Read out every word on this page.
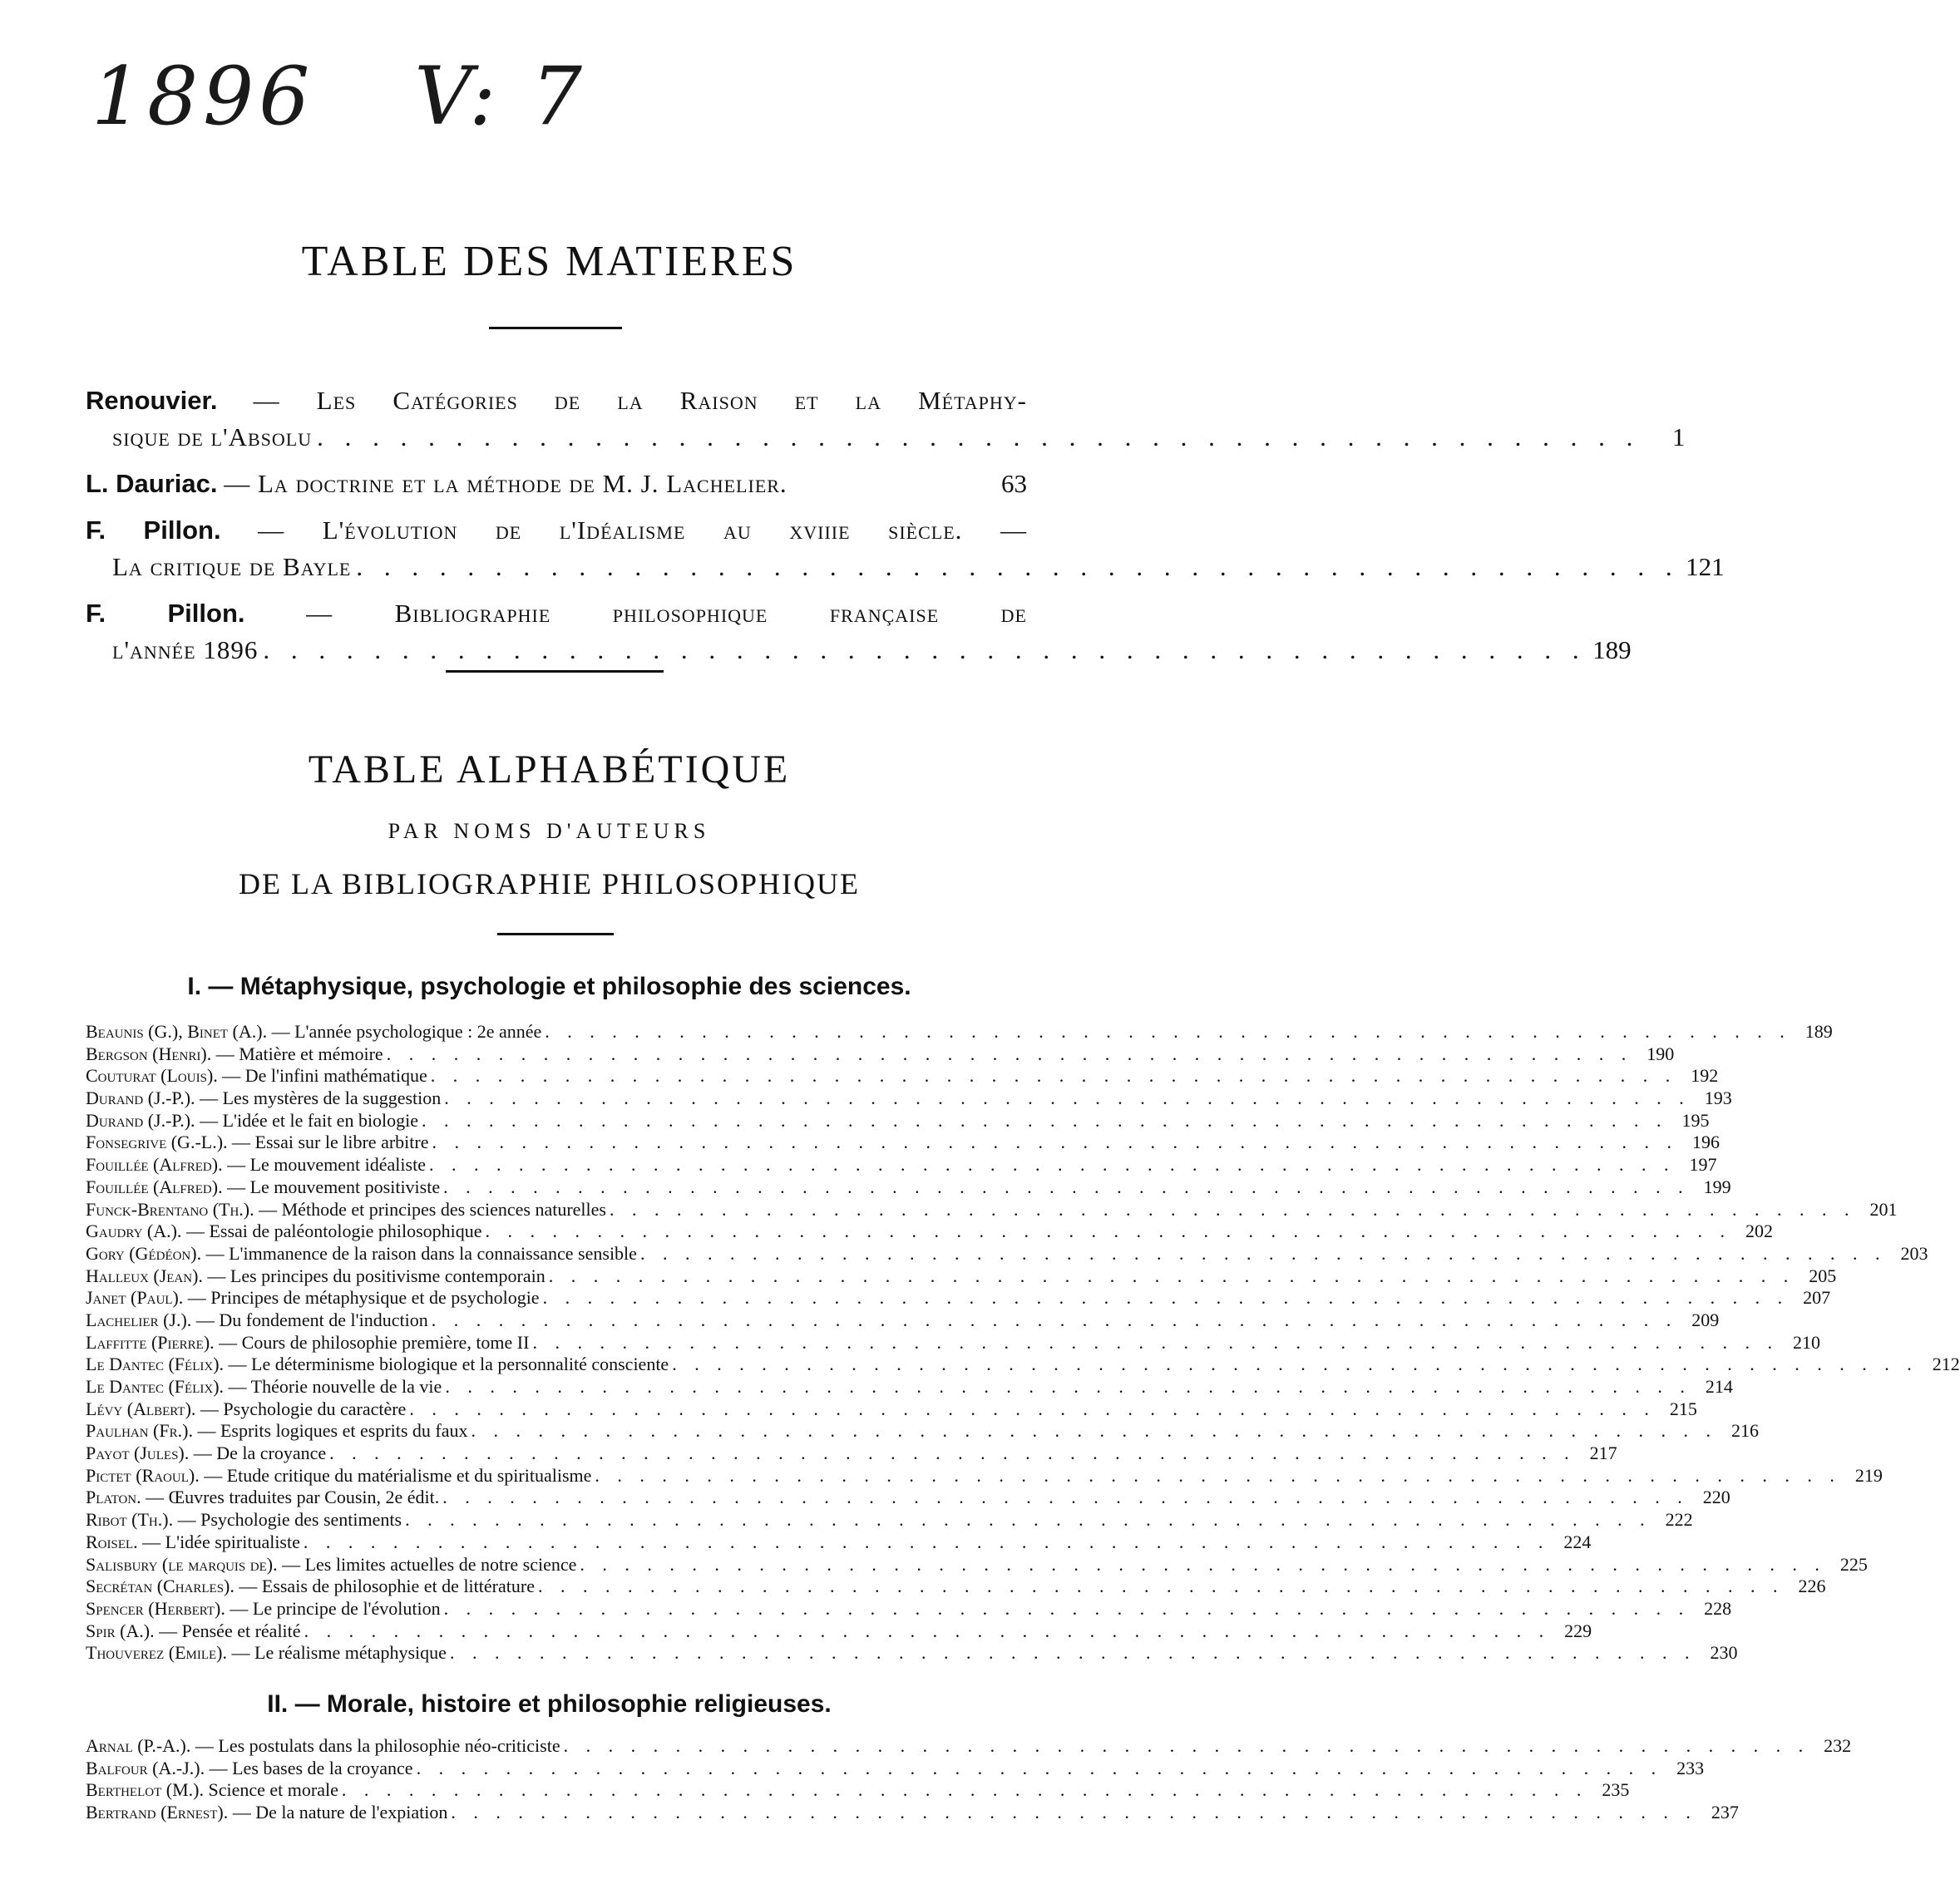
1896 V: 7
TABLE DES MATIERES
Renouvier. — Les Catégories de la Raison et la Métaphy-
sique de l'Absolu . . . . . . . . . . . . . . . . . . . . . . . . . . . . . . . . . . . . . . . . . . . . . . . .	1
L. Dauriac. — La doctrine et la méthode de M. J. Lachelier.	63
F. Pillon. — L'évolution de l'Idéalisme au xviiie siècle. —
La critique de Bayle . . . . . . . . . . . . . . . . . . . . . . . . . . . . . . . . . . . . . . . . . . . . . . . . 121
F. Pillon. — Bibliographie philosophique française de
l'année 1896 . . . . . . . . . . . . . . . . . . . . . . . . . . . . . . . . . . . . . . . . . . . . . . . . 189
TABLE ALPHABÉTIQUE
PAR NOMS D'AUTEURS
DE LA BIBLIOGRAPHIE PHILOSOPHIQUE
I. — Métaphysique, psychologie et philosophie des sciences.
Beaunis (G.), Binet (A.). — L'année psychologique : 2e année . . . . . . . . . . . . . . . . . . . . . . . . . . . . . . . . . . . . . . . . . . . . . . . . . . . . . . . . 189
Bergson (Henri). — Matière et mémoire . . . . . . . . . . . . . . . . . . . . . . . . . . . . . . . . . . . . . . . . . . . . . . . . . . . . . . . . 190
Couturat (Louis). — De l'infini mathématique . . . . . . . . . . . . . . . . . . . . . . . . . . . . . . . . . . . . . . . . . . . . . . . . . . . . . . . . 192
Durand (J.-P.). — Les mystères de la suggestion . . . . . . . . . . . . . . . . . . . . . . . . . . . . . . . . . . . . . . . . . . . . . . . . . . . . . . . . 193
Durand (J.-P.). — L'idée et le fait en biologie . . . . . . . . . . . . . . . . . . . . . . . . . . . . . . . . . . . . . . . . . . . . . . . . . . . . . . . . 195
Fonsegrive (G.-L.). — Essai sur le libre arbitre . . . . . . . . . . . . . . . . . . . . . . . . . . . . . . . . . . . . . . . . . . . . . . . . . . . . . . . . 196
Fouillée (Alfred). — Le mouvement idéaliste . . . . . . . . . . . . . . . . . . . . . . . . . . . . . . . . . . . . . . . . . . . . . . . . . . . . . . . . 197
Fouillée (Alfred). — Le mouvement positiviste . . . . . . . . . . . . . . . . . . . . . . . . . . . . . . . . . . . . . . . . . . . . . . . . . . . . . . . . 199
Funck-Brentano (Th.). — Méthode et principes des sciences naturelles . . . . . . . . . . . . . . . . . . . . . . . . . . . . . . . . . . . . . . . . . . . . . . . . . . . . . . . . 201
Gaudry (A.). — Essai de paléontologie philosophique . . . . . . . . . . . . . . . . . . . . . . . . . . . . . . . . . . . . . . . . . . . . . . . . . . . . . . . . 202
Gory (Gédéon). — L'immanence de la raison dans la connaissance sensible . . . . . . . . . . . . . . . . . . . . . . . . . . . . . . . . . . . . . . . . . . . . . . . . . . . . . . . . 203
Halleux (Jean). — Les principes du positivisme contemporain . . . . . . . . . . . . . . . . . . . . . . . . . . . . . . . . . . . . . . . . . . . . . . . . . . . . . . . . 205
Janet (Paul). — Principes de métaphysique et de psychologie . . . . . . . . . . . . . . . . . . . . . . . . . . . . . . . . . . . . . . . . . . . . . . . . . . . . . . . . 207
Lachelier (J.). — Du fondement de l'induction . . . . . . . . . . . . . . . . . . . . . . . . . . . . . . . . . . . . . . . . . . . . . . . . . . . . . . . . 209
Laffitte (Pierre). — Cours de philosophie première, tome II . . . . . . . . . . . . . . . . . . . . . . . . . . . . . . . . . . . . . . . . . . . . . . . . . . . . . . . . 210
Le Dantec (Félix). — Le déterminisme biologique et la personnalité consciente . . . . . . . . . . . . . . . . . . . . . . . . . . . . . . . . . . . . . . . . . . . . . . . . . . . . . . . . 212
Le Dantec (Félix). — Théorie nouvelle de la vie . . . . . . . . . . . . . . . . . . . . . . . . . . . . . . . . . . . . . . . . . . . . . . . . . . . . . . . . 214
Lévy (Albert). — Psychologie du caractère . . . . . . . . . . . . . . . . . . . . . . . . . . . . . . . . . . . . . . . . . . . . . . . . . . . . . . . . 215
Paulhan (Fr.). — Esprits logiques et esprits du faux . . . . . . . . . . . . . . . . . . . . . . . . . . . . . . . . . . . . . . . . . . . . . . . . . . . . . . . . 216
Payot (Jules). — De la croyance . . . . . . . . . . . . . . . . . . . . . . . . . . . . . . . . . . . . . . . . . . . . . . . . . . . . . . . . 217
Pictet (Raoul). — Etude critique du matérialisme et du spiritualisme . . . . . . . . . . . . . . . . . . . . . . . . . . . . . . . . . . . . . . . . . . . . . . . . . . . . . . . . 219
Platon. — Œuvres traduites par Cousin, 2e édit. . . . . . . . . . . . . . . . . . . . . . . . . . . . . . . . . . . . . . . . . . . . . . . . . . . . . . . . . 220
Ribot (Th.). — Psychologie des sentiments . . . . . . . . . . . . . . . . . . . . . . . . . . . . . . . . . . . . . . . . . . . . . . . . . . . . . . . . 222
Roisel. — L'idée spiritualiste . . . . . . . . . . . . . . . . . . . . . . . . . . . . . . . . . . . . . . . . . . . . . . . . . . . . . . . . 224
Salisbury (le marquis de). — Les limites actuelles de notre science . . . . . . . . . . . . . . . . . . . . . . . . . . . . . . . . . . . . . . . . . . . . . . . . . . . . . . . . 225
Secrétan (Charles). — Essais de philosophie et de littérature . . . . . . . . . . . . . . . . . . . . . . . . . . . . . . . . . . . . . . . . . . . . . . . . . . . . . . . . 226
Spencer (Herbert). — Le principe de l'évolution . . . . . . . . . . . . . . . . . . . . . . . . . . . . . . . . . . . . . . . . . . . . . . . . . . . . . . . . 228
Spir (A.). — Pensée et réalité . . . . . . . . . . . . . . . . . . . . . . . . . . . . . . . . . . . . . . . . . . . . . . . . . . . . . . . . 229
Thouverez (Emile). — Le réalisme métaphysique . . . . . . . . . . . . . . . . . . . . . . . . . . . . . . . . . . . . . . . . . . . . . . . . . . . . . . . . 230
II. — Morale, histoire et philosophie religieuses.
Arnal (P.-A.). — Les postulats dans la philosophie néo-criticiste . . . . . . . . . . . . . . . . . . . . . . . . . . . . . . . . . . . . . . . . . . . . . . . . . . . . . . . . 232
Balfour (A.-J.). — Les bases de la croyance . . . . . . . . . . . . . . . . . . . . . . . . . . . . . . . . . . . . . . . . . . . . . . . . . . . . . . . . 233
Berthelot (M.). Science et morale . . . . . . . . . . . . . . . . . . . . . . . . . . . . . . . . . . . . . . . . . . . . . . . . . . . . . . . . 235
Bertrand (Ernest). — De la nature de l'expiation . . . . . . . . . . . . . . . . . . . . . . . . . . . . . . . . . . . . . . . . . . . . . . . . . . . . . . . . 237
